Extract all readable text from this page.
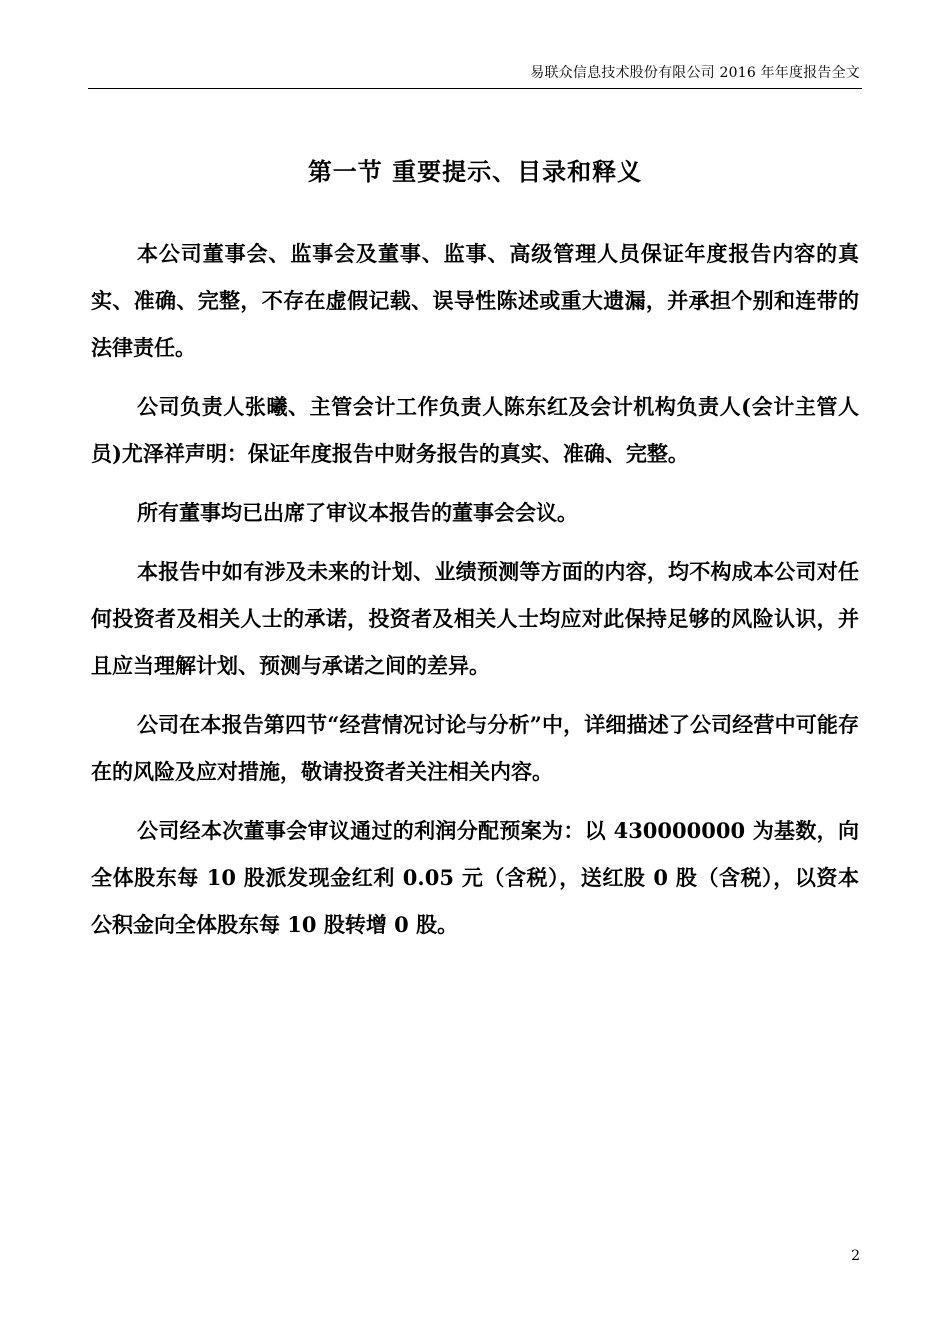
易联众信息技术股份有限公司 2016 年年度报告全文
第一节 重要提示、目录和释义

本公司董事会、监事会及董事、监事、高级管理人员保证年度报告内容的真实、准确、完整，不存在虚假记载、误导性陈述或重大遗漏，并承担个别和连带的法律责任。

公司负责人张曦、主管会计工作负责人陈东红及会计机构负责人(会计主管人员)尤泽祥声明：保证年度报告中财务报告的真实、准确、完整。

所有董事均已出席了审议本报告的董事会会议。

本报告中如有涉及未来的计划、业绩预测等方面的内容，均不构成本公司对任何投资者及相关人士的承诺，投资者及相关人士均应对此保持足够的风险认识，并且应当理解计划、预测与承诺之间的差异。

公司在本报告第四节“经营情况讨论与分析”中，详细描述了公司经营中可能存在的风险及应对措施，敬请投资者关注相关内容。

公司经本次董事会审议通过的利润分配预案为：以 430000000 为基数，向全体股东每 10 股派发现金红利 0.05 元（含税），送红股 0 股（含税），以资本公积金向全体股东每 10 股转增 0 股。

2
